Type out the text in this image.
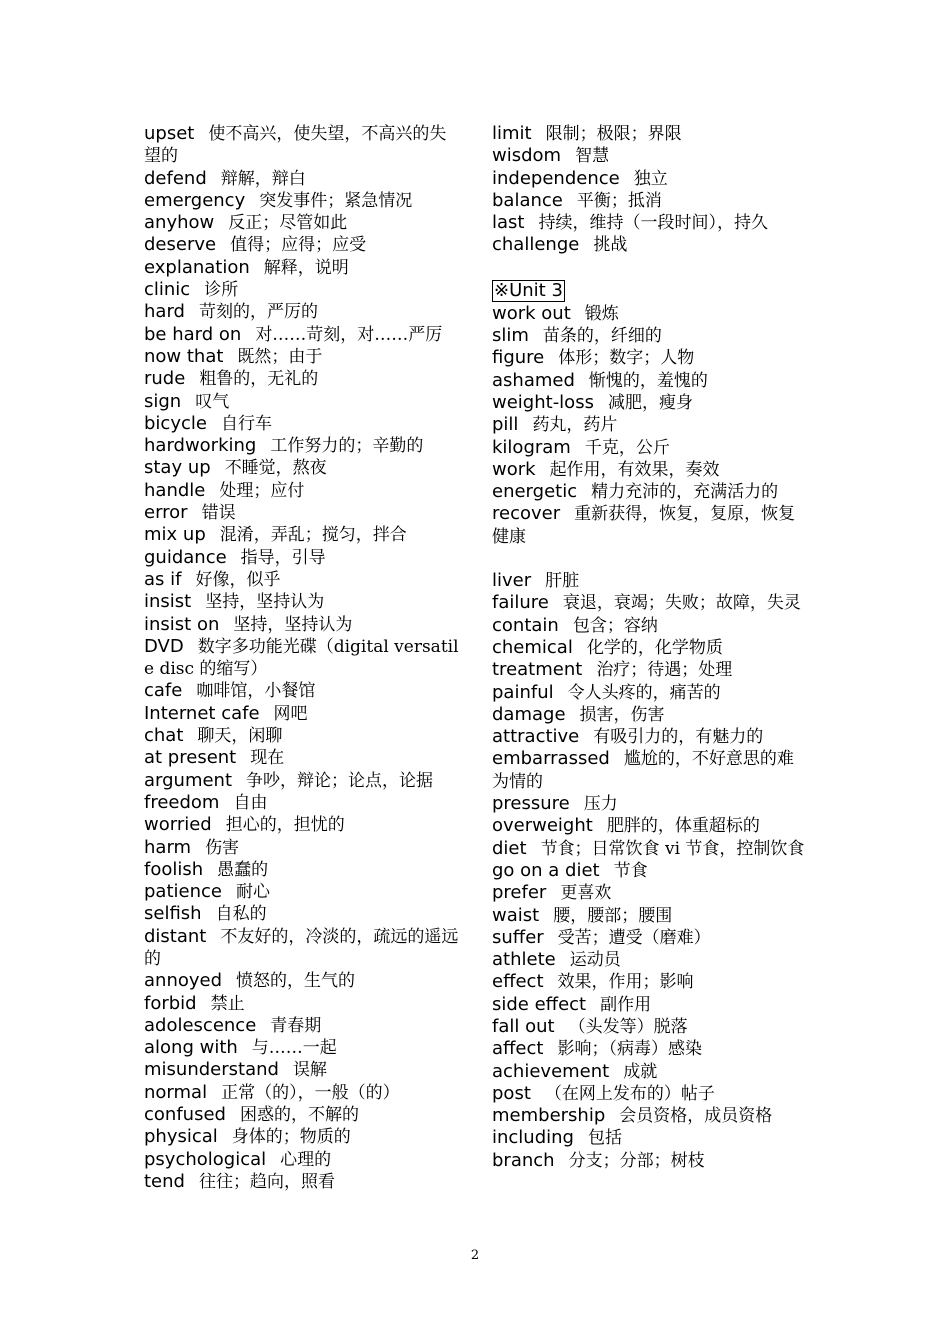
upset 使不高兴，使失望，不高兴的失望的
defend 辩解，辩白
emergency 突发事件；紧急情况
anyhow 反正；尽管如此
deserve 值得；应得；应受
explanation 解释，说明
clinic 诊所
hard 苛刻的，严厉的
be hard on 对……苛刻，对……严厉
now that 既然；由于
rude 粗鲁的，无礼的
sign 叹气
bicycle 自行车
hardworking 工作努力的；辛勤的
stay up 不睡觉，熬夜
handle 处理；应付
error 错误
mix up 混淆，弄乱；搅匀，拌合
guidance 指导，引导
as if 好像，似乎
insist 坚持，坚持认为
insist on 坚持，坚持认为
DVD 数字多功能光碟（digital versatile disc 的缩写）
cafe 咖啡馆，小餐馆
Internet cafe 网吧
chat 聊天，闲聊
at present 现在
argument 争吵，辩论；论点，论据
freedom 自由
worried 担心的，担忧的
harm 伤害
foolish 愚蠢的
patience 耐心
selfish 自私的
distant 不友好的，冷淡的，疏远的遥远的
annoyed 愤怒的，生气的
forbid 禁止
adolescence 青春期
along with 与……一起
misunderstand 误解
normal 正常（的），一般（的）
confused 困惑的，不解的
physical 身体的；物质的
psychological 心理的
tend 往往；趋向，照看
limit 限制；极限；界限
wisdom 智慧
independence 独立
balance 平衡；抵消
last 持续，维持（一段时间），持久
challenge 挑战
※Unit 3
work out 锻炼
slim 苗条的，纤细的
figure 体形；数字；人物
ashamed 惭愧的，羞愧的
weight-loss 减肥，瘦身
pill 药丸，药片
kilogram 千克，公斤
work 起作用，有效果，奏效
energetic 精力充沛的，充满活力的
recover 重新获得，恢复，复原，恢复健康
liver 肝脏
failure 衰退，衰竭；失败；故障，失灵
contain 包含；容纳
chemical 化学的，化学物质
treatment 治疗；待遇；处理
painful 令人头疼的，痛苦的
damage 损害，伤害
attractive 有吸引力的，有魅力的
embarrassed 尴尬的，不好意思的难为情的
pressure 压力
overweight 肥胖的，体重超标的
diet 节食；日常饮食 vi 节食，控制饮食
go on a diet 节食
prefer 更喜欢
waist 腰，腰部；腰围
suffer 受苦；遭受（磨难）
athlete 运动员
effect 效果，作用；影响
side effect 副作用
fall out （头发等）脱落
affect 影响；（病毒）感染
achievement 成就
post （在网上发布的）帖子
membership 会员资格，成员资格
including 包括
branch 分支；分部；树枝
2
